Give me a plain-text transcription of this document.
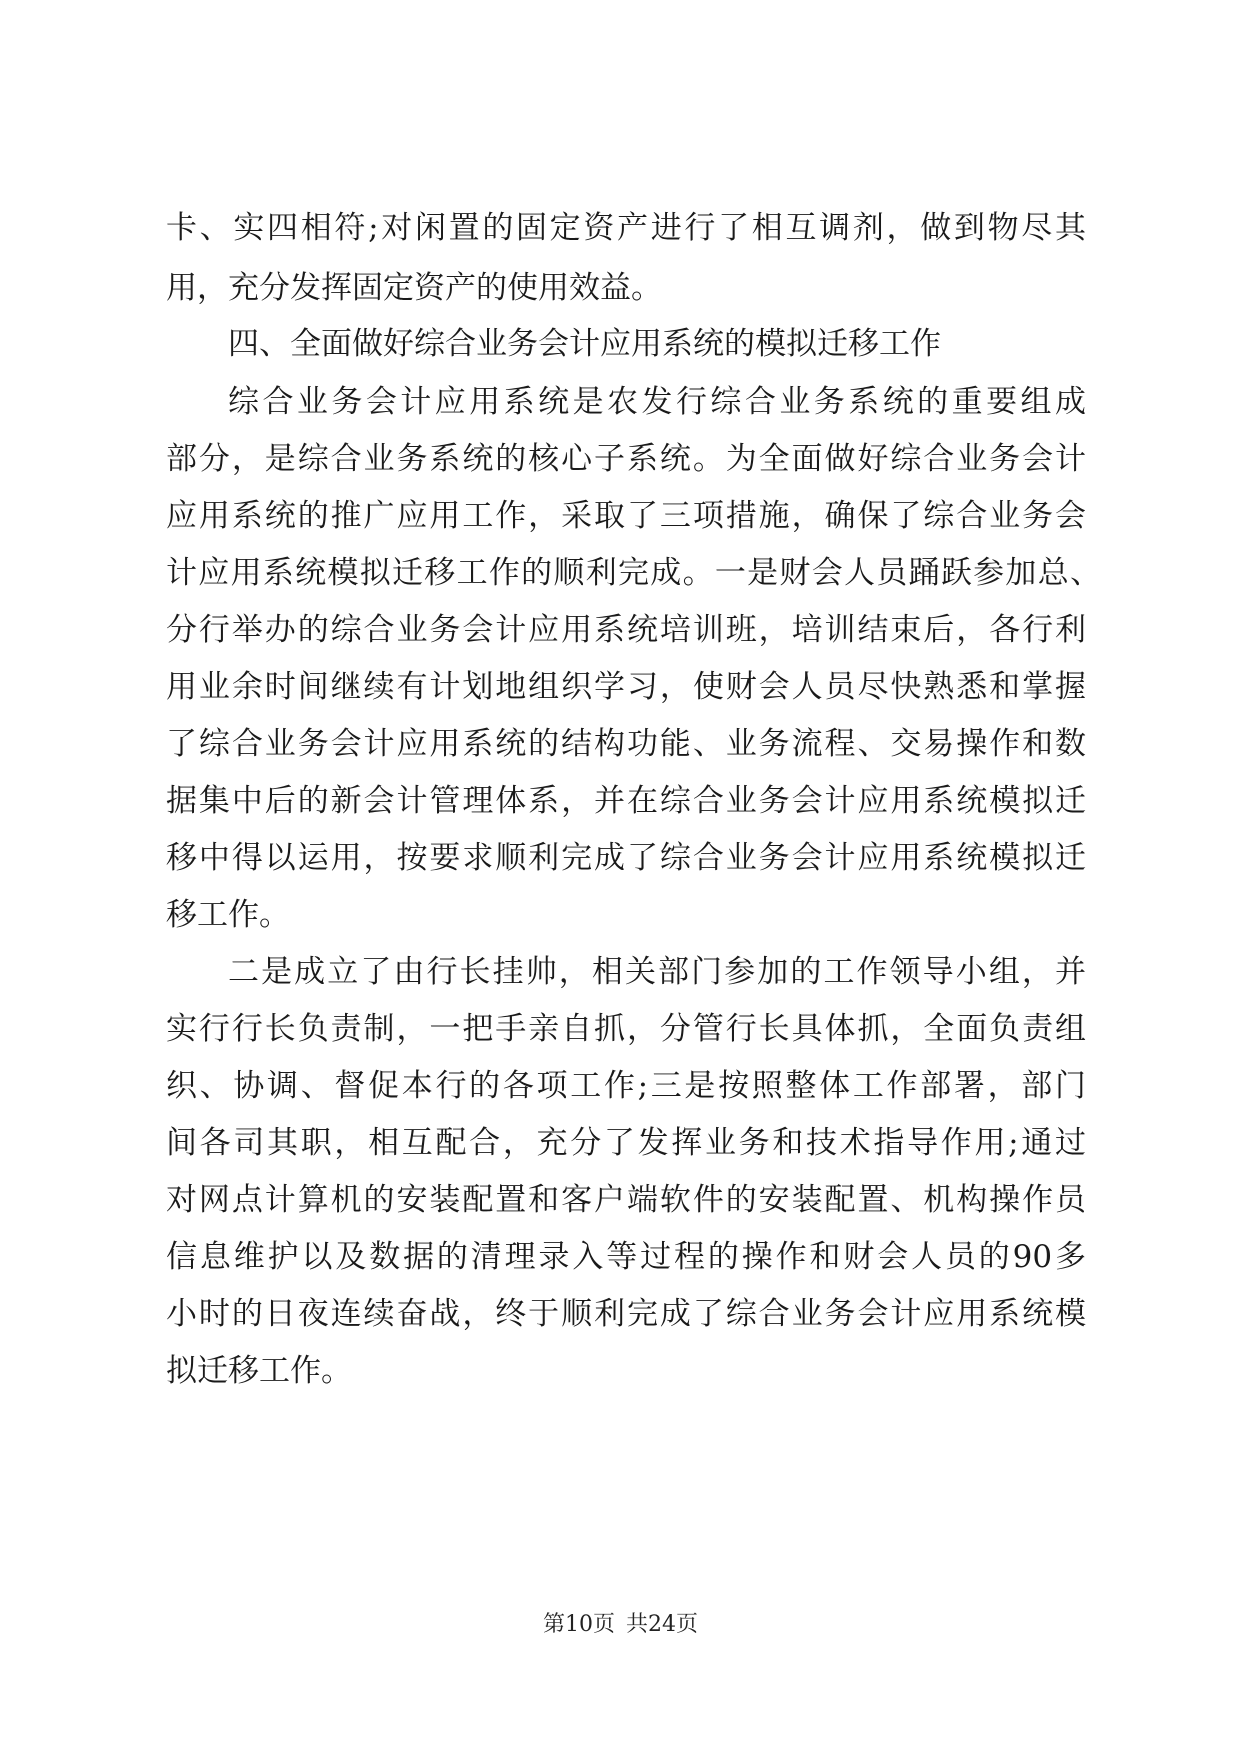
卡、实四相符;对闲置的固定资产进行了相互调剂，做到物尽其
用，充分发挥固定资产的使用效益。
四、全面做好综合业务会计应用系统的模拟迁移工作
综合业务会计应用系统是农发行综合业务系统的重要组成
部分，是综合业务系统的核心子系统。为全面做好综合业务会计
应用系统的推广应用工作，采取了三项措施，确保了综合业务会
计应用系统模拟迁移工作的顺利完成。一是财会人员踊跃参加总、
分行举办的综合业务会计应用系统培训班，培训结束后，各行利
用业余时间继续有计划地组织学习，使财会人员尽快熟悉和掌握
了综合业务会计应用系统的结构功能、业务流程、交易操作和数
据集中后的新会计管理体系，并在综合业务会计应用系统模拟迁
移中得以运用，按要求顺利完成了综合业务会计应用系统模拟迁
移工作。
二是成立了由行长挂帅，相关部门参加的工作领导小组，并
实行行长负责制，一把手亲自抓，分管行长具体抓，全面负责组
织、协调、督促本行的各项工作;三是按照整体工作部署，部门
间各司其职，相互配合，充分了发挥业务和技术指导作用;通过
对网点计算机的安装配置和客户端软件的安装配置、机构操作员
信息维护以及数据的清理录入等过程的操作和财会人员的90多
小时的日夜连续奋战，终于顺利完成了综合业务会计应用系统模
拟迁移工作。
第10页 共24页
